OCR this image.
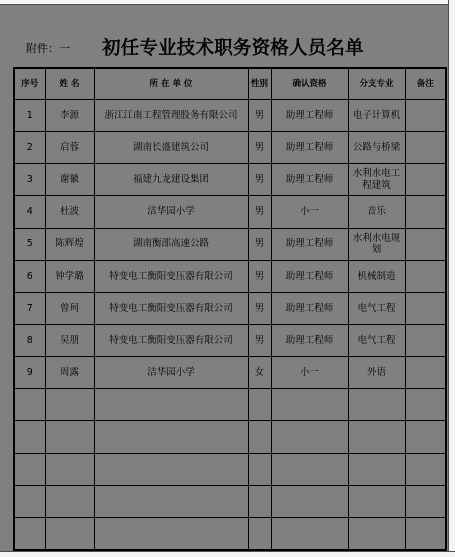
附件：一 初任专业技术职务资格人员名单
序号	姓 名	所 在 单 位	性别	确认资格	分支专业	备注
1	李源	浙江江南工程管理股务有限公司	男	助理工程师	电子计算机	
2	启蓉	湖南长盛建筑公司	男	助理工程师	公路与桥梁	
3	谢徽	福建九龙建设集团	男	助理工程师	水利水电工程建筑	
4	杜波	洁华园小学	男	小一	音乐	
5	陈辉煌	湖南衡邵高速公路	男	助理工程师	水利水电规划	
6	钟学璐	特变电工衡阳变压器有限公司	男	助理工程师	机械制造	
7	曾珂	特变电工衡阳变压器有限公司	男	助理工程师	电气工程	
8	吴朋	特变电工衡阳变压器有限公司	男	助理工程师	电气工程	
9	周露	洁华园小学	女	小一	外语	
